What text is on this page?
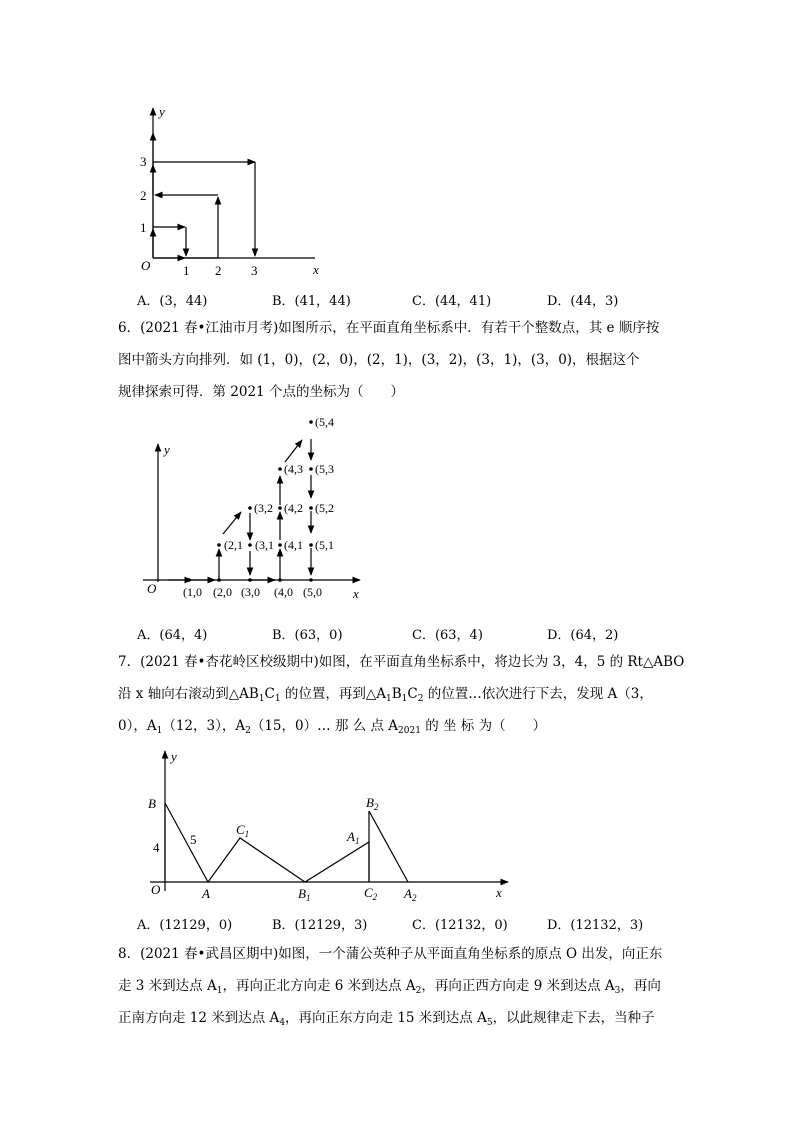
y
x
O	1 2 3
1
2
3
A．(3，44)	B．(41，44)	C．(44，41)	D．(44，3)

6．(2021 春•江油市月考)如图所示，在平面直角坐标系中．有若干个整数点，其 e 顺序按

图中箭头方向排列．如 (1，0)，(2，0)，(2，1)，(3，2)，(3，1)，(3，0)，根据这个

规律探索可得．第 2021 个点的坐标为（　　）

y
x
O (1,0 (2,0 (3,0 (4,0 (5,0
(2,1 (3,1 (4,1 (5,1
(3,2 (4,2 (5,2
(4,3 (5,3
(5,4
A．(64，4)	B．(63，0)	C．(63，4)	D．(64，2)

7．(2021 春•杏花岭区校级期中)如图，在平面直角坐标系中，将边长为 3，4，5 的 Rt△ABO

沿 x 轴向右滚动到$\triangle AB_1C_1$ 的位置，再到$\triangle A_1B_1C_2$ 的位置…依次进行下去，发现 A（3，

0），$A_1(12$，3），$A_2(15$，0）… 那 么 点 $A_{2021}$ 的 坐 标 为（　　）

y
x
O
B
A	$B_1$
$C_1$	$A_1$
$B_2$
$C_2$ $A_2$
5
4
A．(12129，0)	B．(12129，3)	C．(12132，0)	D．(12132，3)

8．(2021 春•武昌区期中)如图，一个蒲公英种子从平面直角坐标系的原点 O 出发，向正东

走 3 米到达点 $A_1$，再向正北方向走 6 米到达点 $A_2$，再向正西方向走 9 米到达点 $A_3$，再向

正南方向走 12 米到达点 $A_4$，再向正东方向走 15 米到达点 $A_5$，以此规律走下去，当种子
